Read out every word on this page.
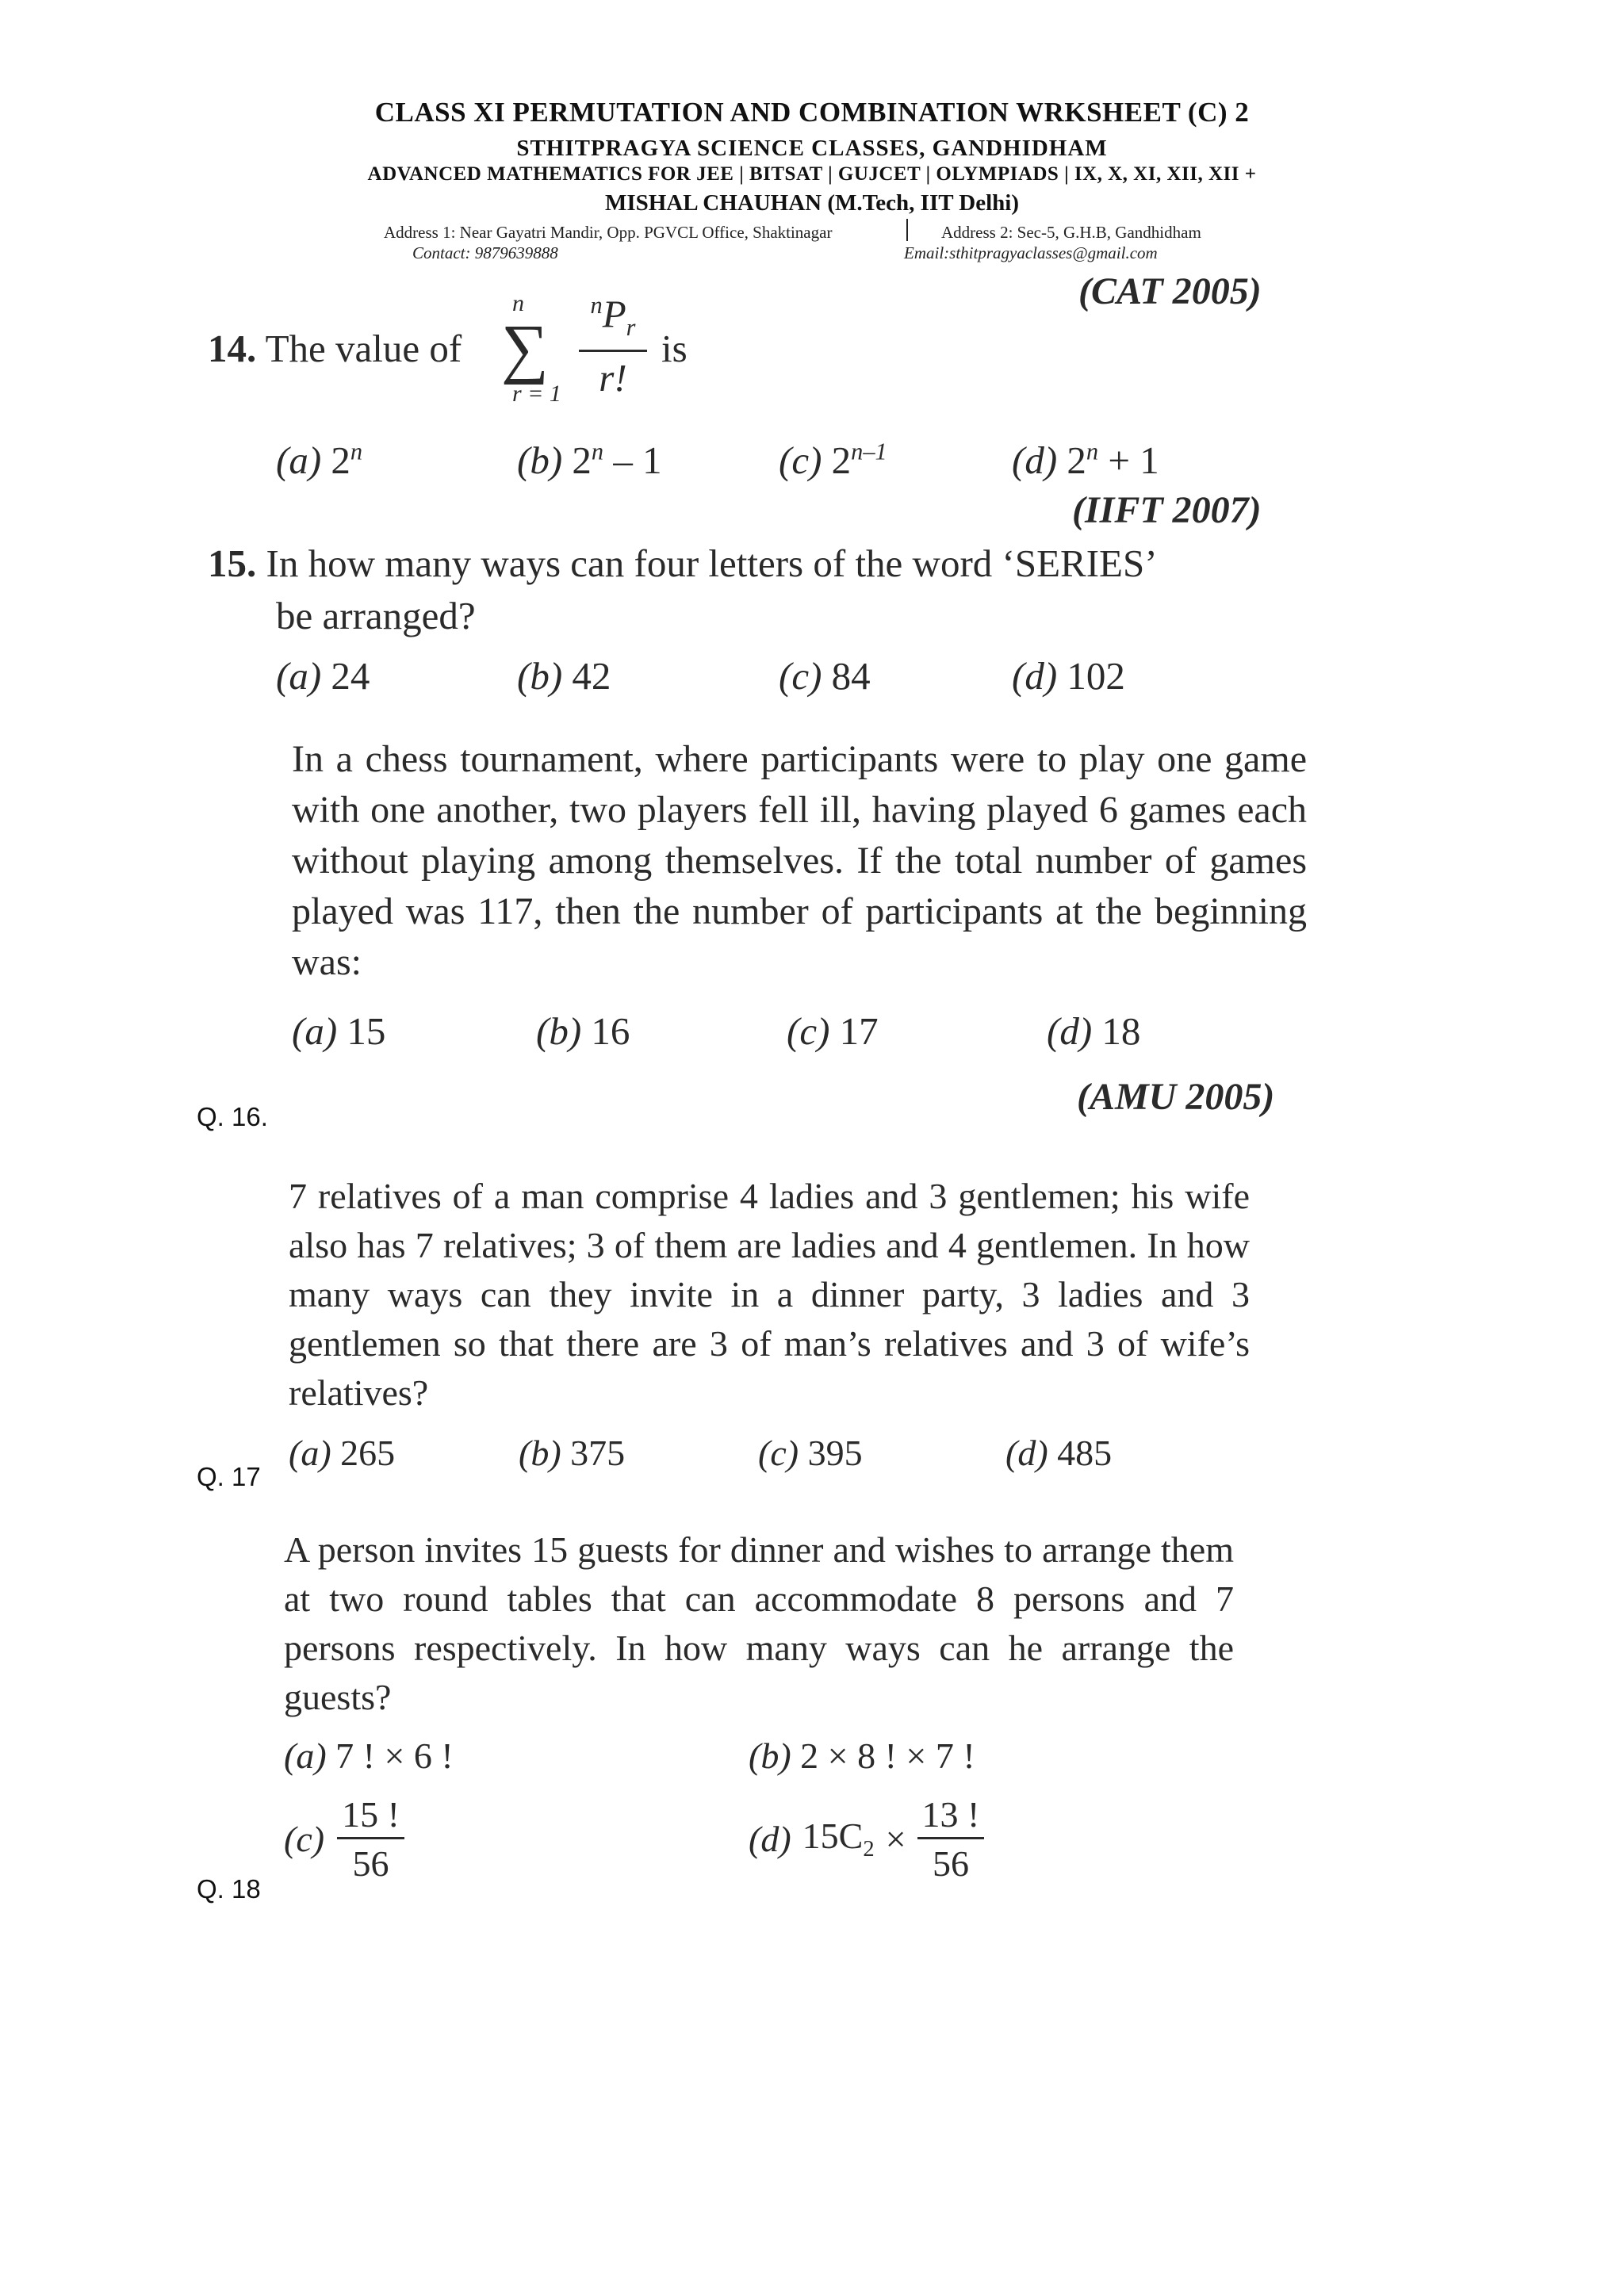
CLASS XI PERMUTATION AND COMBINATION WRKSHEET (C) 2
STHITPRAGYA SCIENCE CLASSES, GANDHIDHAM
ADVANCED MATHEMATICS FOR JEE | BITSAT | GUJCET | OLYMPIADS | IX, X, XI, XII, XII +
MISHAL CHAUHAN (M.Tech, IIT Delhi)
Address 1: Near Gayatri Mandir, Opp. PGVCL Office, Shaktinagar	Address 2: Sec-5, G.H.B, Gandhidham
Contact: 9879639888	Email:sthitpragyaclasses@gmail.com
(CAT 2005)
14. The value of
n
∑
r = 1
$^nP_r$
r!
is
(a) 2$^n$	(b) 2$^n$ – 1	(c) 2$^{n-1}$	(d) $2^n + 1$
(IIFT 2007)
15. In how many ways can four letters of the word ‘SERIES’
be arranged?
(a) 24	(b) 42	(c) 84	(d) 102
In a chess tournament, where participants were to play one game with one another, two players fell ill, having played 6 games each without playing among themselves. If the total number of games played was 117, then the number of participants at the beginning was:
(a) 15	(b) 16	(c) 17	(d) 18
(AMU 2005)
Q. 16.
7 relatives of a man comprise 4 ladies and 3 gentlemen; his wife also has 7 relatives; 3 of them are ladies and 4 gentlemen. In how many ways can they invite in a dinner party, 3 ladies and 3 gentlemen so that there are 3 of man’s relatives and 3 of wife’s relatives?
(a) 265	(b) 375	(c) 395	(d) 485
Q. 17
A person invites 15 guests for dinner and wishes to arrange them at two round tables that can accommodate 8 persons and 7 persons respectively. In how many ways can he arrange the guests?
(a) 7 ! × 6 !	(b) 2 × 8 ! × 7 !
$(c) \frac{15 !}{56}$	(d) $15C_2 \times \frac{13 !}{56}$
Q. 18
